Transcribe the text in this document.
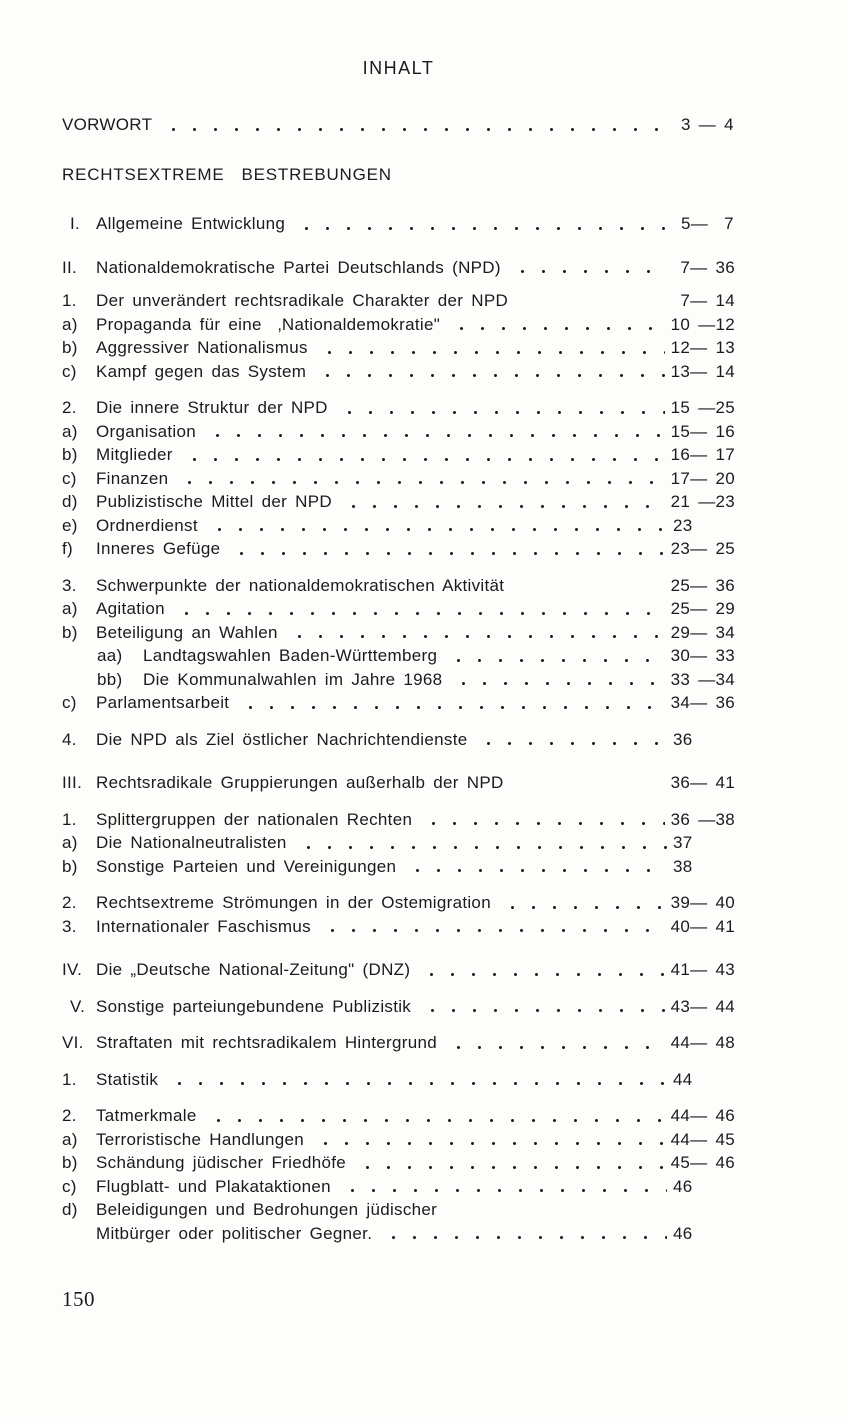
INHALT
VORWORT	3 — 4
RECHTSEXTREME  BESTREBUNGEN
I. Allgemeine Entwicklung	5—  7
II.	Nationaldemokratische Partei Deutschlands (NPD)	7— 36
1.	Der unverändert rechtsradikale Charakter der NPD	7— 14
a)	Propaganda für eine  ‚Nationaldemokratie"	10 —12
b)	Aggressiver Nationalismus	12— 13
c)	Kampf gegen das System	13— 14
2.	Die innere Struktur der NPD	15 —25
a)	Organisation	15— 16
b)	Mitglieder	16— 17
c)	Finanzen	17— 20
d)	Publizistische Mittel der NPD	21 —23
e)	Ordnerdienst	23
f)	Inneres Gefüge	23— 25
3.	Schwerpunkte der nationaldemokratischen Aktivität	25— 36
a)	Agitation	25— 29
b)	Beteiligung an Wahlen	29— 34
aa)	Landtagswahlen Baden-Württemberg	30— 33
bb)	Die Kommunalwahlen im Jahre 1968	33 —34
c)	Parlamentsarbeit	34— 36
4.	Die NPD als Ziel östlicher Nachrichtendienste	36
III. Rechtsradikale Gruppierungen außerhalb der NPD	36— 41
1.	Splittergruppen der nationalen Rechten	36 —38
a)	Die Nationalneutralisten	37
b)	Sonstige Parteien und Vereinigungen	38
2.	Rechtsextreme Strömungen in der Ostemigration	39— 40
3.	Internationaler Faschismus	40— 41
IV. Die „Deutsche National-Zeitung" (DNZ)	41— 43
V. Sonstige parteiungebundene Publizistik	43— 44
VI. Straftaten mit rechtsradikalem Hintergrund	44— 48
1.	Statistik	44
2.	Tatmerkmale	44— 46
a)	Terroristische Handlungen	44— 45
b)	Schändung jüdischer Friedhöfe	45— 46
c)	Flugblatt- und Plakataktionen	46
d)	Beleidigungen und Bedrohungen jüdischer
Mitbürger oder politischer Gegner.	46
150
